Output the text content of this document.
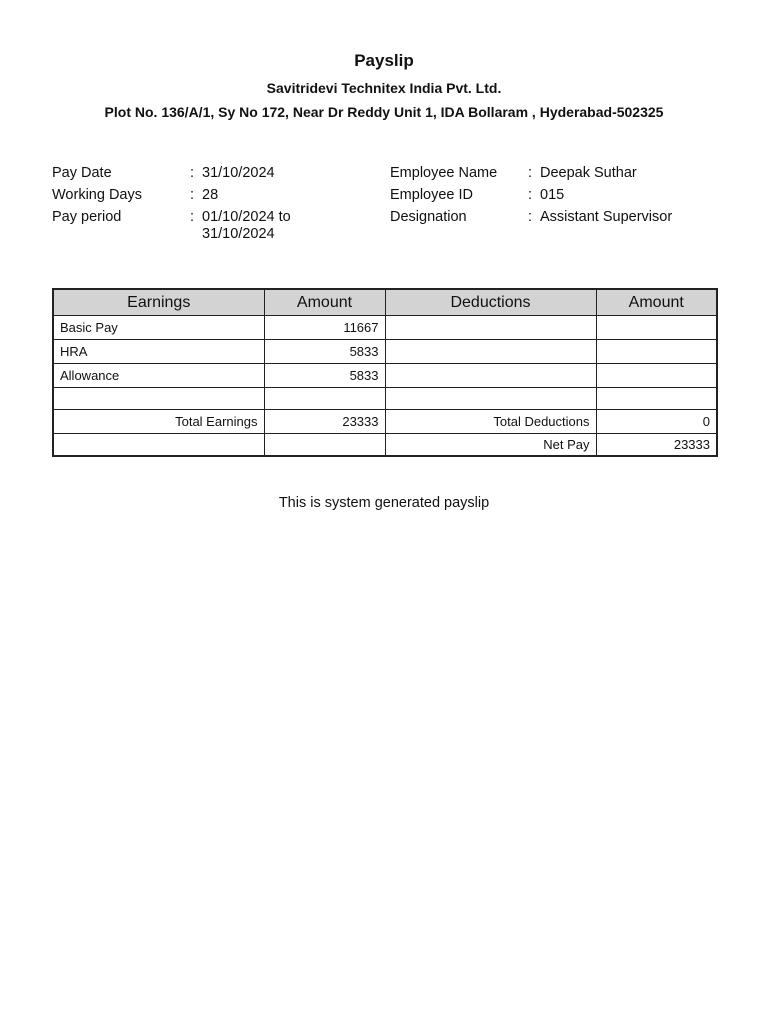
Payslip
Savitridevi Technitex India Pvt. Ltd.
Plot No. 136/A/1, Sy No 172, Near Dr Reddy Unit 1, IDA Bollaram , Hyderabad-502325
Pay Date	: 31/10/2024
Working Days	: 28
Pay period	: 01/10/2024 to
31/10/2024
Employee Name : Deepak Suthar
Employee ID	: 015
Designation	: Assistant Supervisor
Earnings	Amount	Deductions	Amount
Basic Pay	11667		
HRA	5833		
Allowance	5833		

Total Earnings	23333	Total Deductions	0
		Net Pay	23333
This is system generated payslip
